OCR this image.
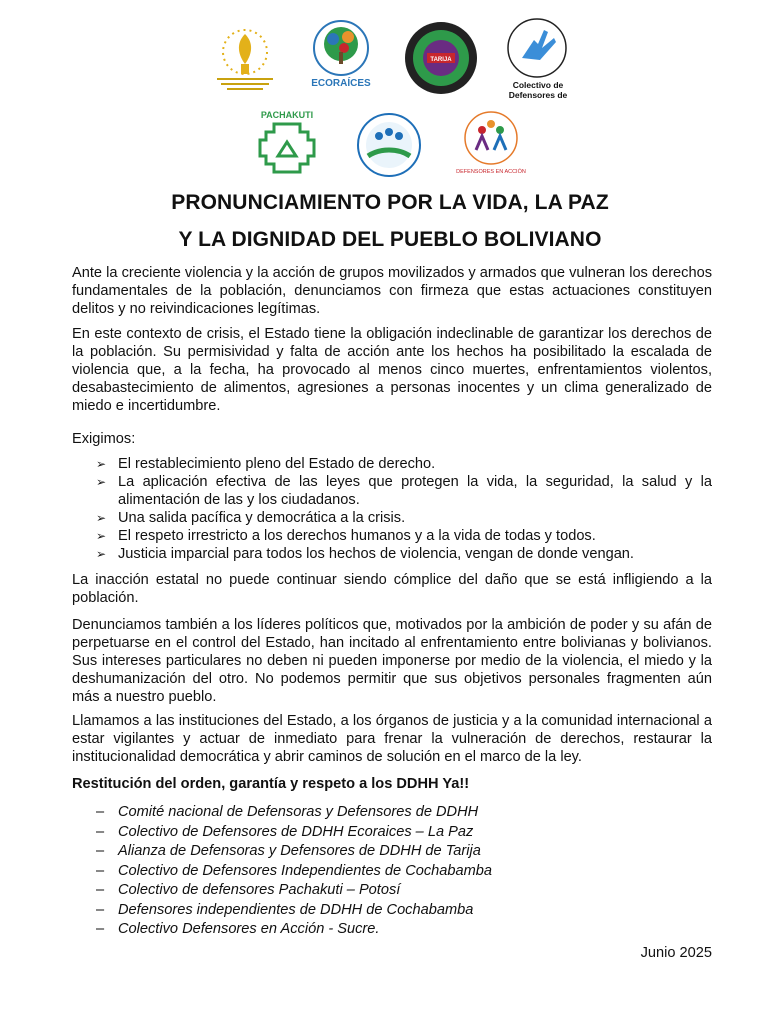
ECORAÍCES
TARIJA
Colectivo de
Defensores de
PACHAKUTI
DEFENSORES EN ACCIÓN
PRONUNCIAMIENTO POR LA VIDA, LA PAZ
Y LA DIGNIDAD DEL PUEBLO BOLIVIANO

Ante la creciente violencia y la acción de grupos movilizados y armados que vulneran los derechos fundamentales de la población, denunciamos con firmeza que estas actuaciones constituyen delitos y no reivindicaciones legítimas.

En este contexto de crisis, el Estado tiene la obligación indeclinable de garantizar los derechos de la población. Su permisividad y falta de acción ante los hechos ha posibilitado la escalada de violencia que, a la fecha, ha provocado al menos cinco muertes, enfrentamientos violentos, desabastecimiento de alimentos, agresiones a personas inocentes y un clima generalizado de miedo e incertidumbre.

Exigimos:

➢ El restablecimiento pleno del Estado de derecho.
➢ La aplicación efectiva de las leyes que protegen la vida, la seguridad, la salud y la alimentación de las y los ciudadanos.
➢ Una salida pacífica y democrática a la crisis.
➢ El respeto irrestricto a los derechos humanos y a la vida de todas y todos.
➢ Justicia imparcial para todos los hechos de violencia, vengan de donde vengan.

La inacción estatal no puede continuar siendo cómplice del daño que se está infligiendo a la población.

Denunciamos también a los líderes políticos que, motivados por la ambición de poder y su afán de perpetuarse en el control del Estado, han incitado al enfrentamiento entre bolivianas y bolivianos. Sus intereses particulares no deben ni pueden imponerse por medio de la violencia, el miedo y la deshumanización del otro. No podemos permitir que sus objetivos personales fragmenten aún más a nuestro pueblo.

Llamamos a las instituciones del Estado, a los órganos de justicia y a la comunidad internacional a estar vigilantes y actuar de inmediato para frenar la vulneración de derechos, restaurar la institucionalidad democrática y abrir caminos de solución en el marco de la ley.

Restitución del orden, garantía y respeto a los DDHH Ya!!
– Comité nacional de Defensoras y Defensores de DDHH
– Colectivo de Defensores de DDHH Ecoraices – La Paz
– Alianza de Defensoras y Defensores de DDHH de Tarija
– Colectivo de Defensores Independientes de Cochabamba
– Colectivo de defensores Pachakuti – Potosí
– Defensores independientes de DDHH de Cochabamba
– Colectivo Defensores en Acción - Sucre.
Junio 2025
